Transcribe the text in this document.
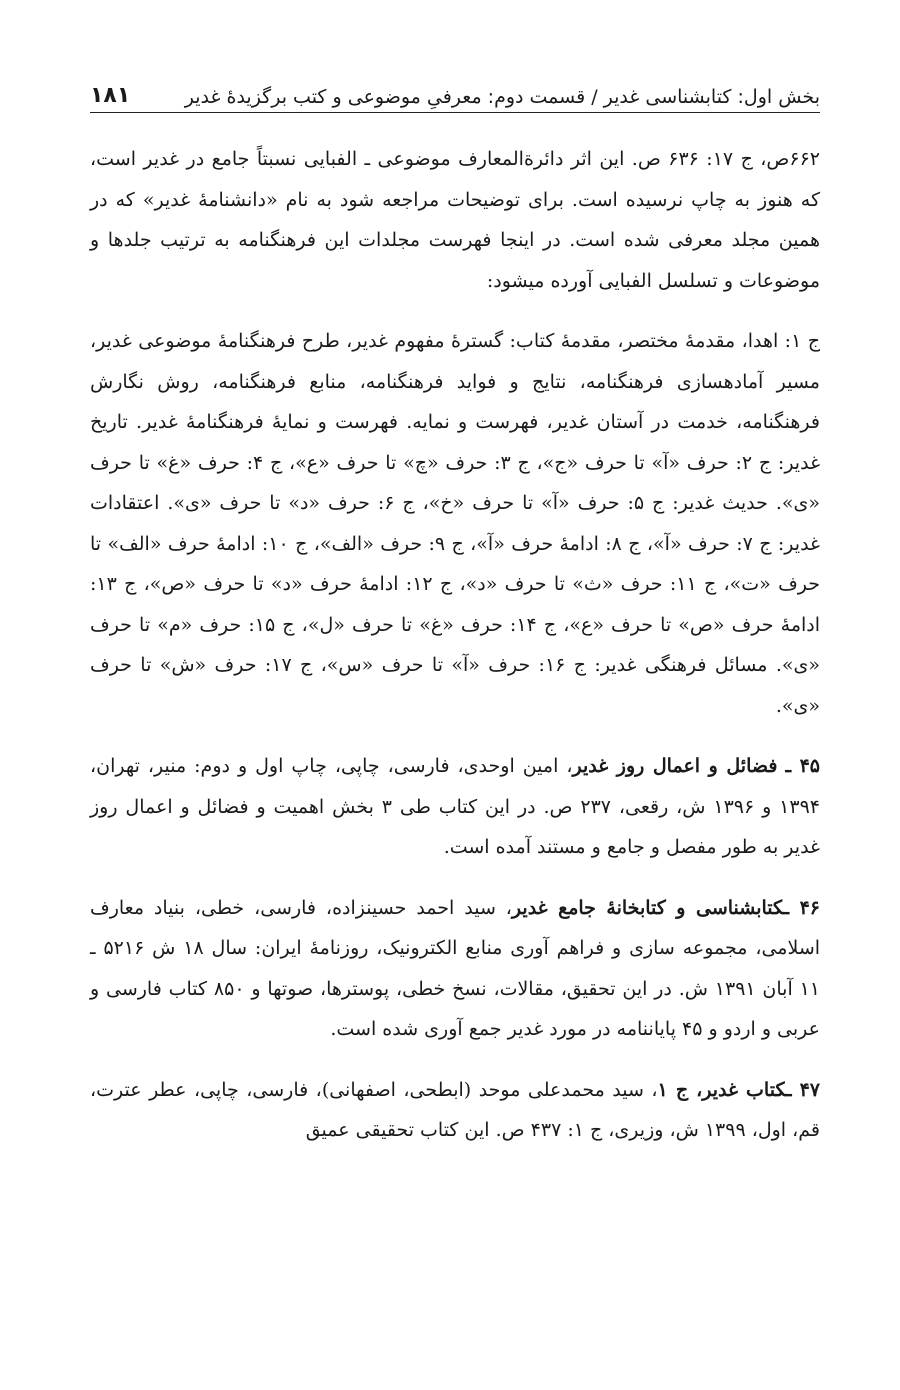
بخش اول: کتابشناسی غدیر / قسمت دوم: معرفیِ موضوعی و کتب برگزیدۀ غدیر
۱۸۱

۶۶۲ص، ج ۱۷: ۶۳۶ ص. این اثر دائرةالمعارف موضوعی ـ الفبایی نسبتاً جامع در غدیر است، که هنوز به چاپ نرسیده است. برای توضیحات مراجعه شود به نام «دانشنامۀ غدیر» که در همین مجلد معرفی شده است. در اینجا فهرست مجلدات این فرهنگنامه به ترتیب جلدها و موضوعات و تسلسل الفبایی آورده میشود:

ج ۱: اهدا، مقدمۀ مختصر، مقدمۀ کتاب: گسترۀ مفهوم غدیر، طرح فرهنگنامۀ موضوعی غدیر، مسیر آمادهسازی فرهنگنامه، نتایج و فواید فرهنگنامه، منابع فرهنگنامه، روش نگارش فرهنگنامه، خدمت در آستان غدیر، فهرست و نمایه. فهرست و نمایۀ فرهنگنامۀ غدیر. تاریخ غدیر: ج ۲: حرف «آ» تا حرف «ج»، ج ۳: حرف «چ» تا حرف «ع»، ج ۴: حرف «غ» تا حرف «ی». حدیث غدیر: ج ۵: حرف «آ» تا حرف «خ»، ج ۶: حرف «د» تا حرف «ی». اعتقادات غدیر: ج ۷: حرف «آ»، ج ۸: ادامۀ حرف «آ»، ج ۹: حرف «الف»، ج ۱۰: ادامۀ حرف «الف» تا حرف «ت»، ج ۱۱: حرف «ث» تا حرف «د»، ج ۱۲: ادامۀ حرف «د» تا حرف «ص»، ج ۱۳: ادامۀ حرف «ص» تا حرف «ع»، ج ۱۴: حرف «غ» تا حرف «ل»، ج ۱۵: حرف «م» تا حرف «ی». مسائل فرهنگی غدیر: ج ۱۶: حرف «آ» تا حرف «س»، ج ۱۷: حرف «ش» تا حرف «ی».

۴۵ ـ فضائل و اعمال روز غدیر، امین اوحدی، فارسی، چاپی، چاپ اول و دوم: منیر، تهران، ۱۳۹۴ و ۱۳۹۶ ش، رقعی، ۲۳۷ ص. در این کتاب طی ۳ بخش اهمیت و فضائل و اعمال روز غدیر به طور مفصل و جامع و مستند آمده است.

۴۶ ـکتابشناسی و کتابخانۀ جامع غدیر، سید احمد حسینزاده، فارسی، خطی، بنیاد معارف اسلامی، مجموعه سازی و فراهم آوری منابع الکترونیک، روزنامۀ ایران: سال ۱۸ ش ۵۲۱۶ ـ ۱۱ آبان ۱۳۹۱ ش. در این تحقیق، مقالات، نسخ خطی، پوسترها، صوتها و ۸۵۰ کتاب فارسی و عربی و اردو و ۴۵ پایاننامه در مورد غدیر جمع آوری شده است.

۴۷ ـکتاب غدیر، ج ۱، سید محمدعلی موحد (ابطحی، اصفهانی)، فارسی، چاپی، عطر عترت، قم، اول، ۱۳۹۹ ش، وزیری، ج ۱: ۴۳۷ ص. این کتاب تحقیقی عمیق
